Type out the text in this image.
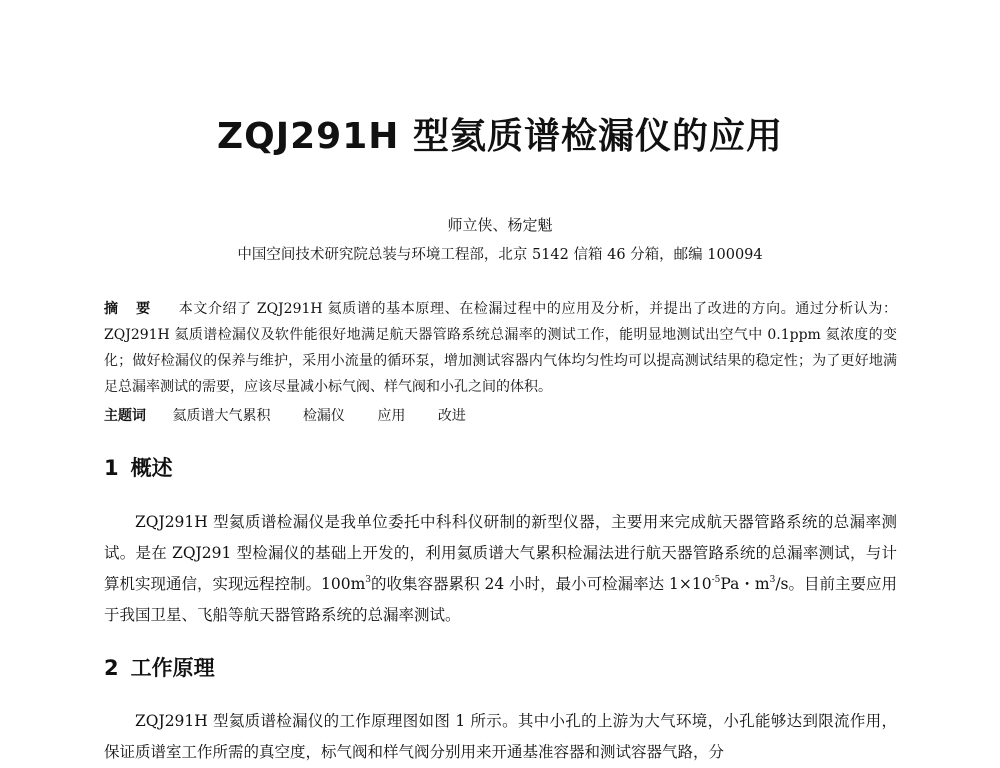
ZQJ291H 型氦质谱检漏仪的应用

师立侠、杨定魁

中国空间技术研究院总装与环境工程部，北京 5142 信箱 46 分箱，邮编 100094

摘 要 本文介绍了 ZQJ291H 氦质谱的基本原理、在检漏过程中的应用及分析，并提出了改进的方向。通过分析认为：ZQJ291H 氦质谱检漏仪及软件能很好地满足航天器管路系统总漏率的测试工作，能明显地测试出空气中 0.1ppm 氦浓度的变化；做好检漏仪的保养与维护，采用小流量的循环泵，增加测试容器内气体均匀性均可以提高测试结果的稳定性；为了更好地满足总漏率测试的需要，应该尽量减小标气阀、样气阀和小孔之间的体积。

主题词 氦质谱大气累积 检漏仪 应用 改进

1 概述

ZQJ291H 型氦质谱检漏仪是我单位委托中科科仪研制的新型仪器，主要用来完成航天器管路系统的总漏率测试。是在 ZQJ291 型检漏仪的基础上开发的，利用氦质谱大气累积检漏法进行航天器管路系统的总漏率测试，与计算机实现通信，实现远程控制。$100m^3$的收集容器累积 24 小时，最小可检漏率达 $1\times 10^{-5}Pa$・$m^3/s$。目前主要应用于我国卫星、飞船等航天器管路系统的总漏率测试。

2 工作原理

ZQJ291H 型氦质谱检漏仪的工作原理图如图 1 所示。其中小孔的上游为大气环境，小孔能够达到限流作用，保证质谱室工作所需的真空度，标气阀和样气阀分别用来开通基准容器和测试容器气路，分
